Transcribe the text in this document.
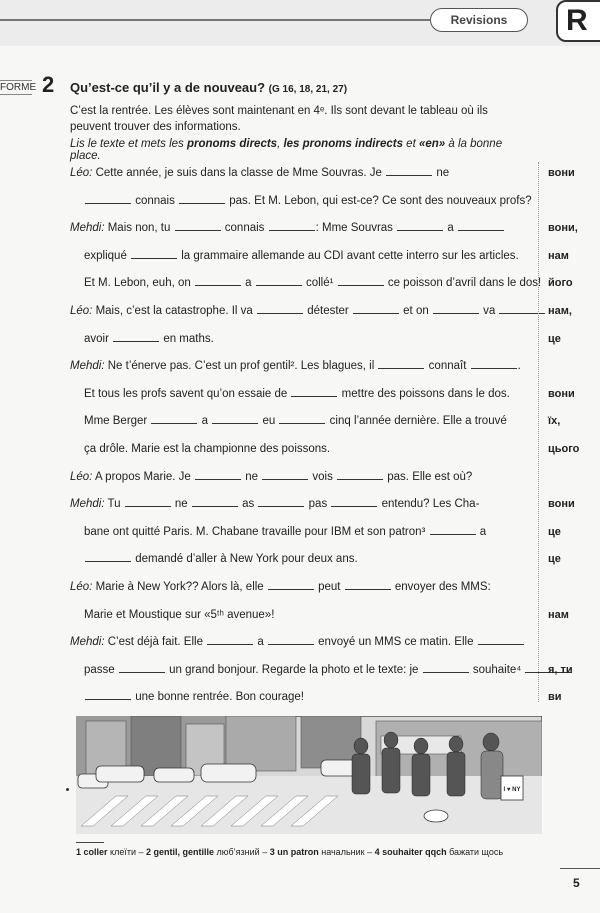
Revisions	R
FORME 2 Qu’est-ce qu’il y a de nouveau? (G 16, 18, 21, 27)
C’est la rentrée. Les élèves sont maintenant en 4ᵉ. Ils sont devant le tableau où ils peuvent trouver des informations.
Lis le texte et mets les pronoms directs, les pronoms indirects et «en» à la bonne place.
Léo: Cette année, je suis dans la classe de Mme Souvras. Je	ne
connais	pas. Et M. Lebon, qui est-ce? Ce sont des nouveaux profs?
Mehdi: Mais non, tu	connais	: Mme Souvras	a
expliqué	la grammaire allemande au CDI avant cette interro sur les articles.
Et M. Lebon, euh, on	a	collé¹	ce poisson d’avril dans le dos!
Léo: Mais, c’est la catastrophe. Il va	détester	et on	va
avoir	en maths.
Mehdi: Ne t’énerve pas. C’est un prof gentil². Les blagues, il	connaît	.
Et tous les profs savent qu’on essaie de	mettre des poissons dans le dos.
Mme Berger	a	eu	cinq l’année dernière. Elle a trouvé
ça drôle. Marie est la championne des poissons.
Léo: A propos Marie. Je	ne	vois	pas. Elle est où?
Mehdi: Tu	ne	as	pas	entendu? Les Cha-
bane ont quitté Paris. M. Chabane travaille pour IBM et son patron³	a
demandé d’aller à New York pour deux ans.
Léo: Marie à New York?? Alors là, elle	peut	envoyer des MMS:
Marie et Moustique sur «5ᵗʰ avenue»!
Mehdi: C’est déjà fait. Elle	a	envoyé un MMS ce matin. Elle
passe	un grand bonjour. Regarde la photo et le texte: je	souhaite⁴
une bonne rentrée. Bon courage!
вони
вони,
нам
його
нам,
це
вони
їх,
цього
вони
це
це
нам
я, ти
ви
I ♥ NY
1 coller клеїти – 2 gentil, gentille люб’язний – 3 un patron начальник – 4 souhaiter qqch бажати щось
5
